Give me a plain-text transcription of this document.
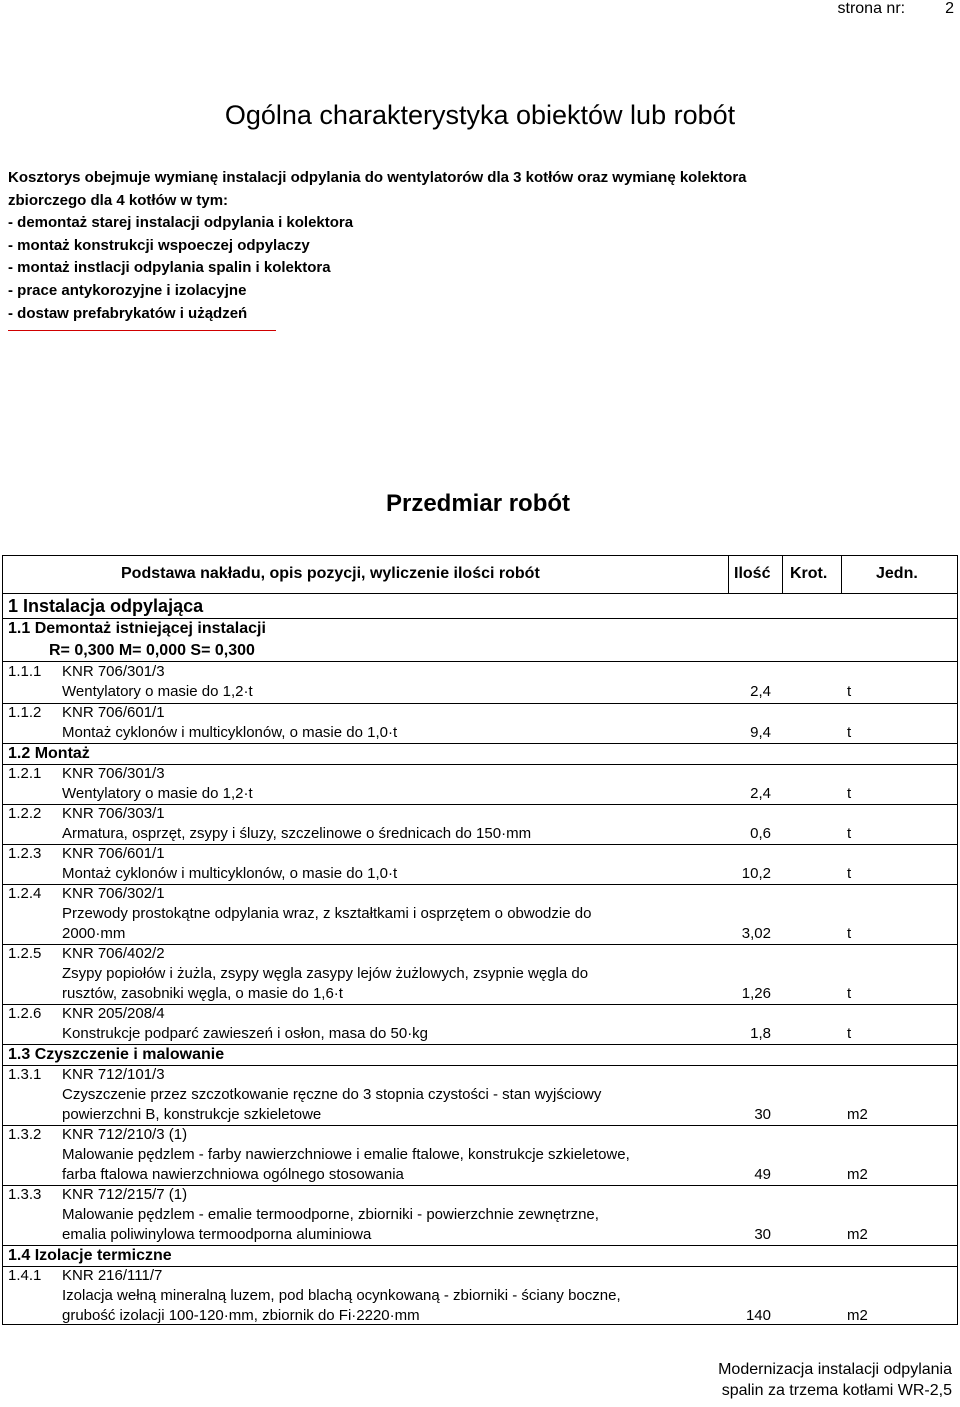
strona nr:	2
Ogólna charakterystyka obiektów lub robót
Kosztorys obejmuje wymianę instalacji odpylania do wentylatorów dla 3 kotłów oraz wymianę kolektora
zbiorczego dla 4 kotłów w tym:
- demontaż starej instalacji odpylania i kolektora
- montaż konstrukcji wspoeczej odpylaczy
- montaż instlacji odpylania spalin i kolektora
- prace antykorozyjne i izolacyjne
- dostaw prefabrykatów i użądzeń
Przedmiar robót
Podstawa nakładu, opis pozycji, wyliczenie ilości robót	Ilość Krot.	Jedn.
1 Instalacja odpylająca
1.1 Demontaż istniejącej instalacji
R= 0,300 M= 0,000 S= 0,300
1.1.1 KNR 706/301/3
Wentylatory o masie do 1,2·t	2,4	t
1.1.2 KNR 706/601/1
Montaż cyklonów i multicyklonów, o masie do 1,0·t	9,4	t
1.2 Montaż
1.2.1 KNR 706/301/3
Wentylatory o masie do 1,2·t	2,4	t
1.2.2 KNR 706/303/1
Armatura, osprzęt, zsypy i śluzy, szczelinowe o średnicach do 150·mm	0,6	t
1.2.3 KNR 706/601/1
Montaż cyklonów i multicyklonów, o masie do 1,0·t	10,2	t
1.2.4 KNR 706/302/1
Przewody prostokątne odpylania wraz, z kształtkami i osprzętem o obwodzie do
2000·mm	3,02	t
1.2.5 KNR 706/402/2
Zsypy popiołów i żużla, zsypy węgla zasypy lejów żużlowych, zsypnie węgla do
rusztów, zasobniki węgla, o masie do 1,6·t	1,26	t
1.2.6 KNR 205/208/4
Konstrukcje podparć zawieszeń i osłon, masa do 50·kg	1,8	t
1.3 Czyszczenie i malowanie
1.3.1 KNR 712/101/3
Czyszczenie przez szczotkowanie ręczne do 3 stopnia czystości - stan wyjściowy
powierzchni B, konstrukcje szkieletowe	30	m2
1.3.2 KNR 712/210/3 (1)
Malowanie pędzlem - farby nawierzchniowe i emalie ftalowe, konstrukcje szkieletowe,
farba ftalowa nawierzchniowa ogólnego stosowania	49	m2
1.3.3 KNR 712/215/7 (1)
Malowanie pędzlem - emalie termoodporne, zbiorniki - powierzchnie zewnętrzne,
emalia poliwinylowa termoodporna aluminiowa	30	m2
1.4 Izolacje termiczne
1.4.1 KNR 216/111/7
Izolacja wełną mineralną luzem, pod blachą ocynkowaną - zbiorniki - ściany boczne,
grubość izolacji 100-120·mm, zbiornik do Fi·2220·mm	140	m2
Modernizacja instalacji odpylania
spalin za trzema kotłami WR-2,5
